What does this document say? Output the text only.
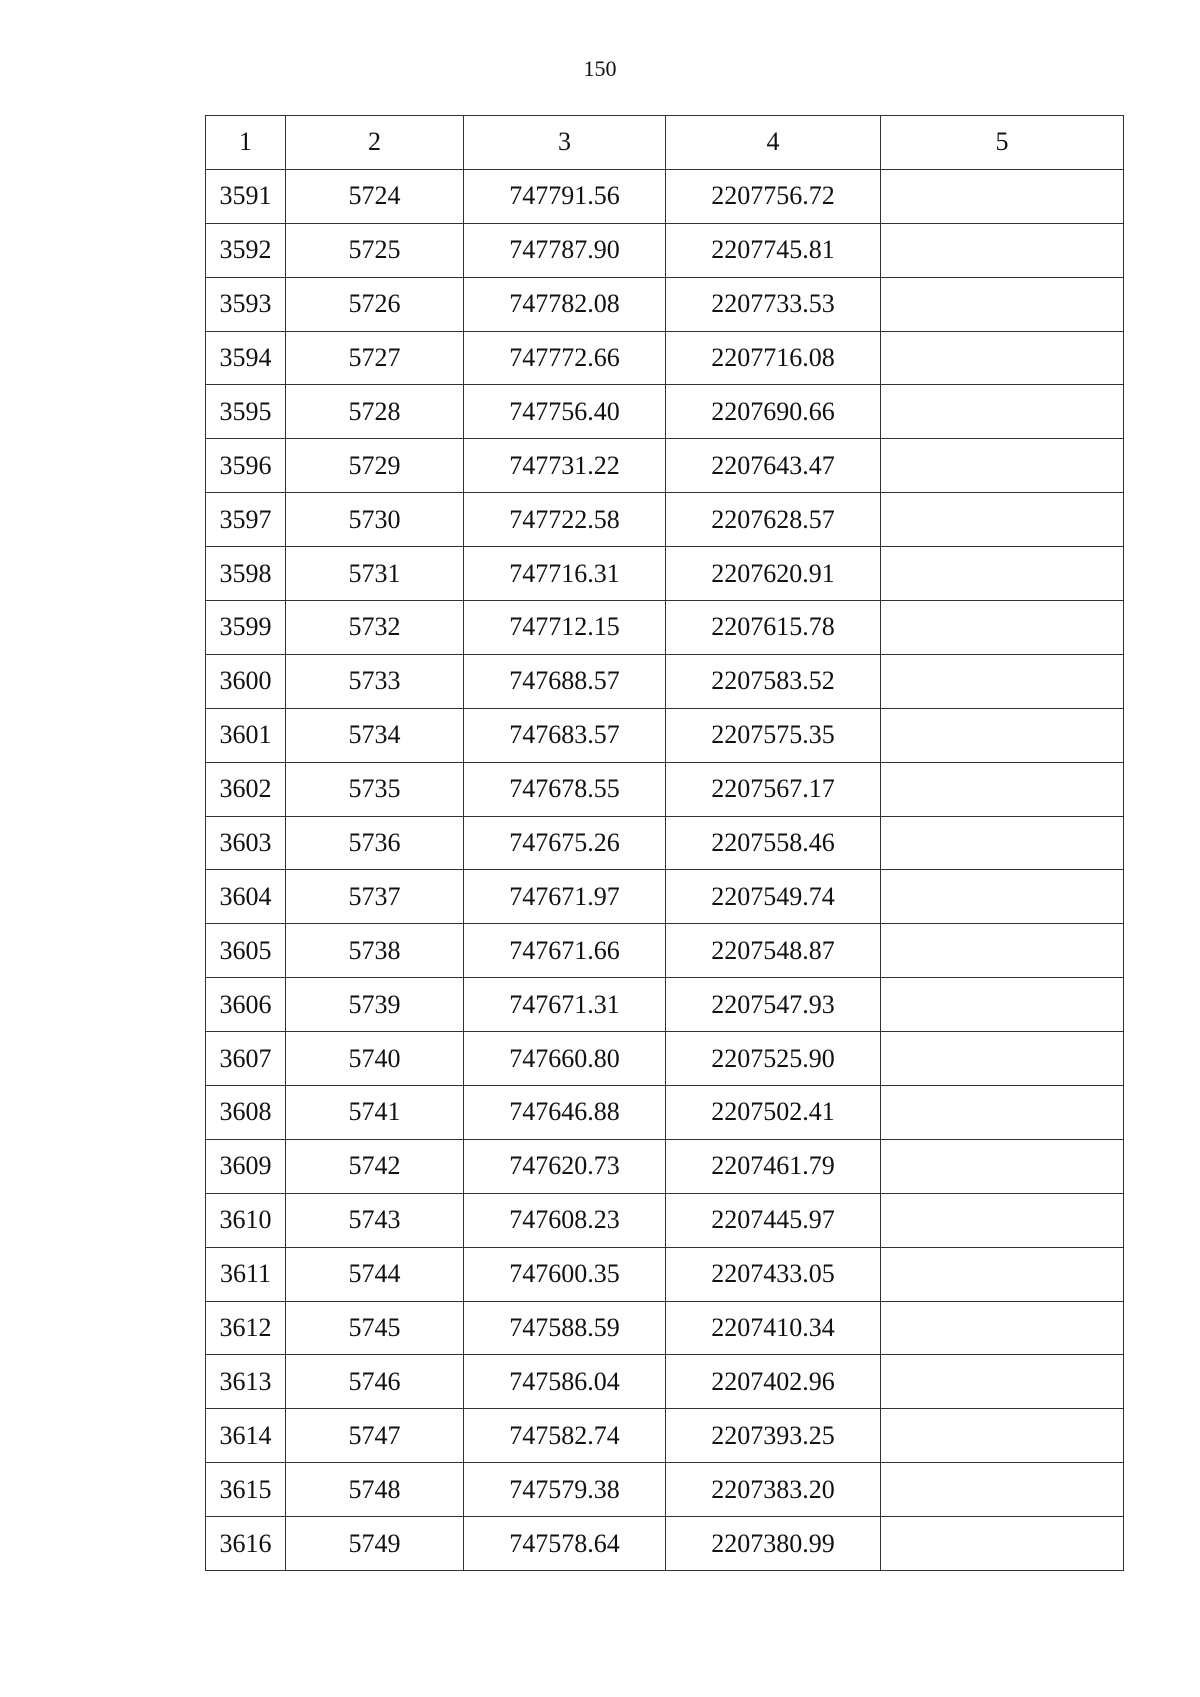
150
1	2	3	4	5
3591	5724	747791.56	2207756.72	
3592	5725	747787.90	2207745.81	
3593	5726	747782.08	2207733.53	
3594	5727	747772.66	2207716.08	
3595	5728	747756.40	2207690.66	
3596	5729	747731.22	2207643.47	
3597	5730	747722.58	2207628.57	
3598	5731	747716.31	2207620.91	
3599	5732	747712.15	2207615.78	
3600	5733	747688.57	2207583.52	
3601	5734	747683.57	2207575.35	
3602	5735	747678.55	2207567.17	
3603	5736	747675.26	2207558.46	
3604	5737	747671.97	2207549.74	
3605	5738	747671.66	2207548.87	
3606	5739	747671.31	2207547.93	
3607	5740	747660.80	2207525.90	
3608	5741	747646.88	2207502.41	
3609	5742	747620.73	2207461.79	
3610	5743	747608.23	2207445.97	
3611	5744	747600.35	2207433.05	
3612	5745	747588.59	2207410.34	
3613	5746	747586.04	2207402.96	
3614	5747	747582.74	2207393.25	
3615	5748	747579.38	2207383.20	
3616	5749	747578.64	2207380.99	
